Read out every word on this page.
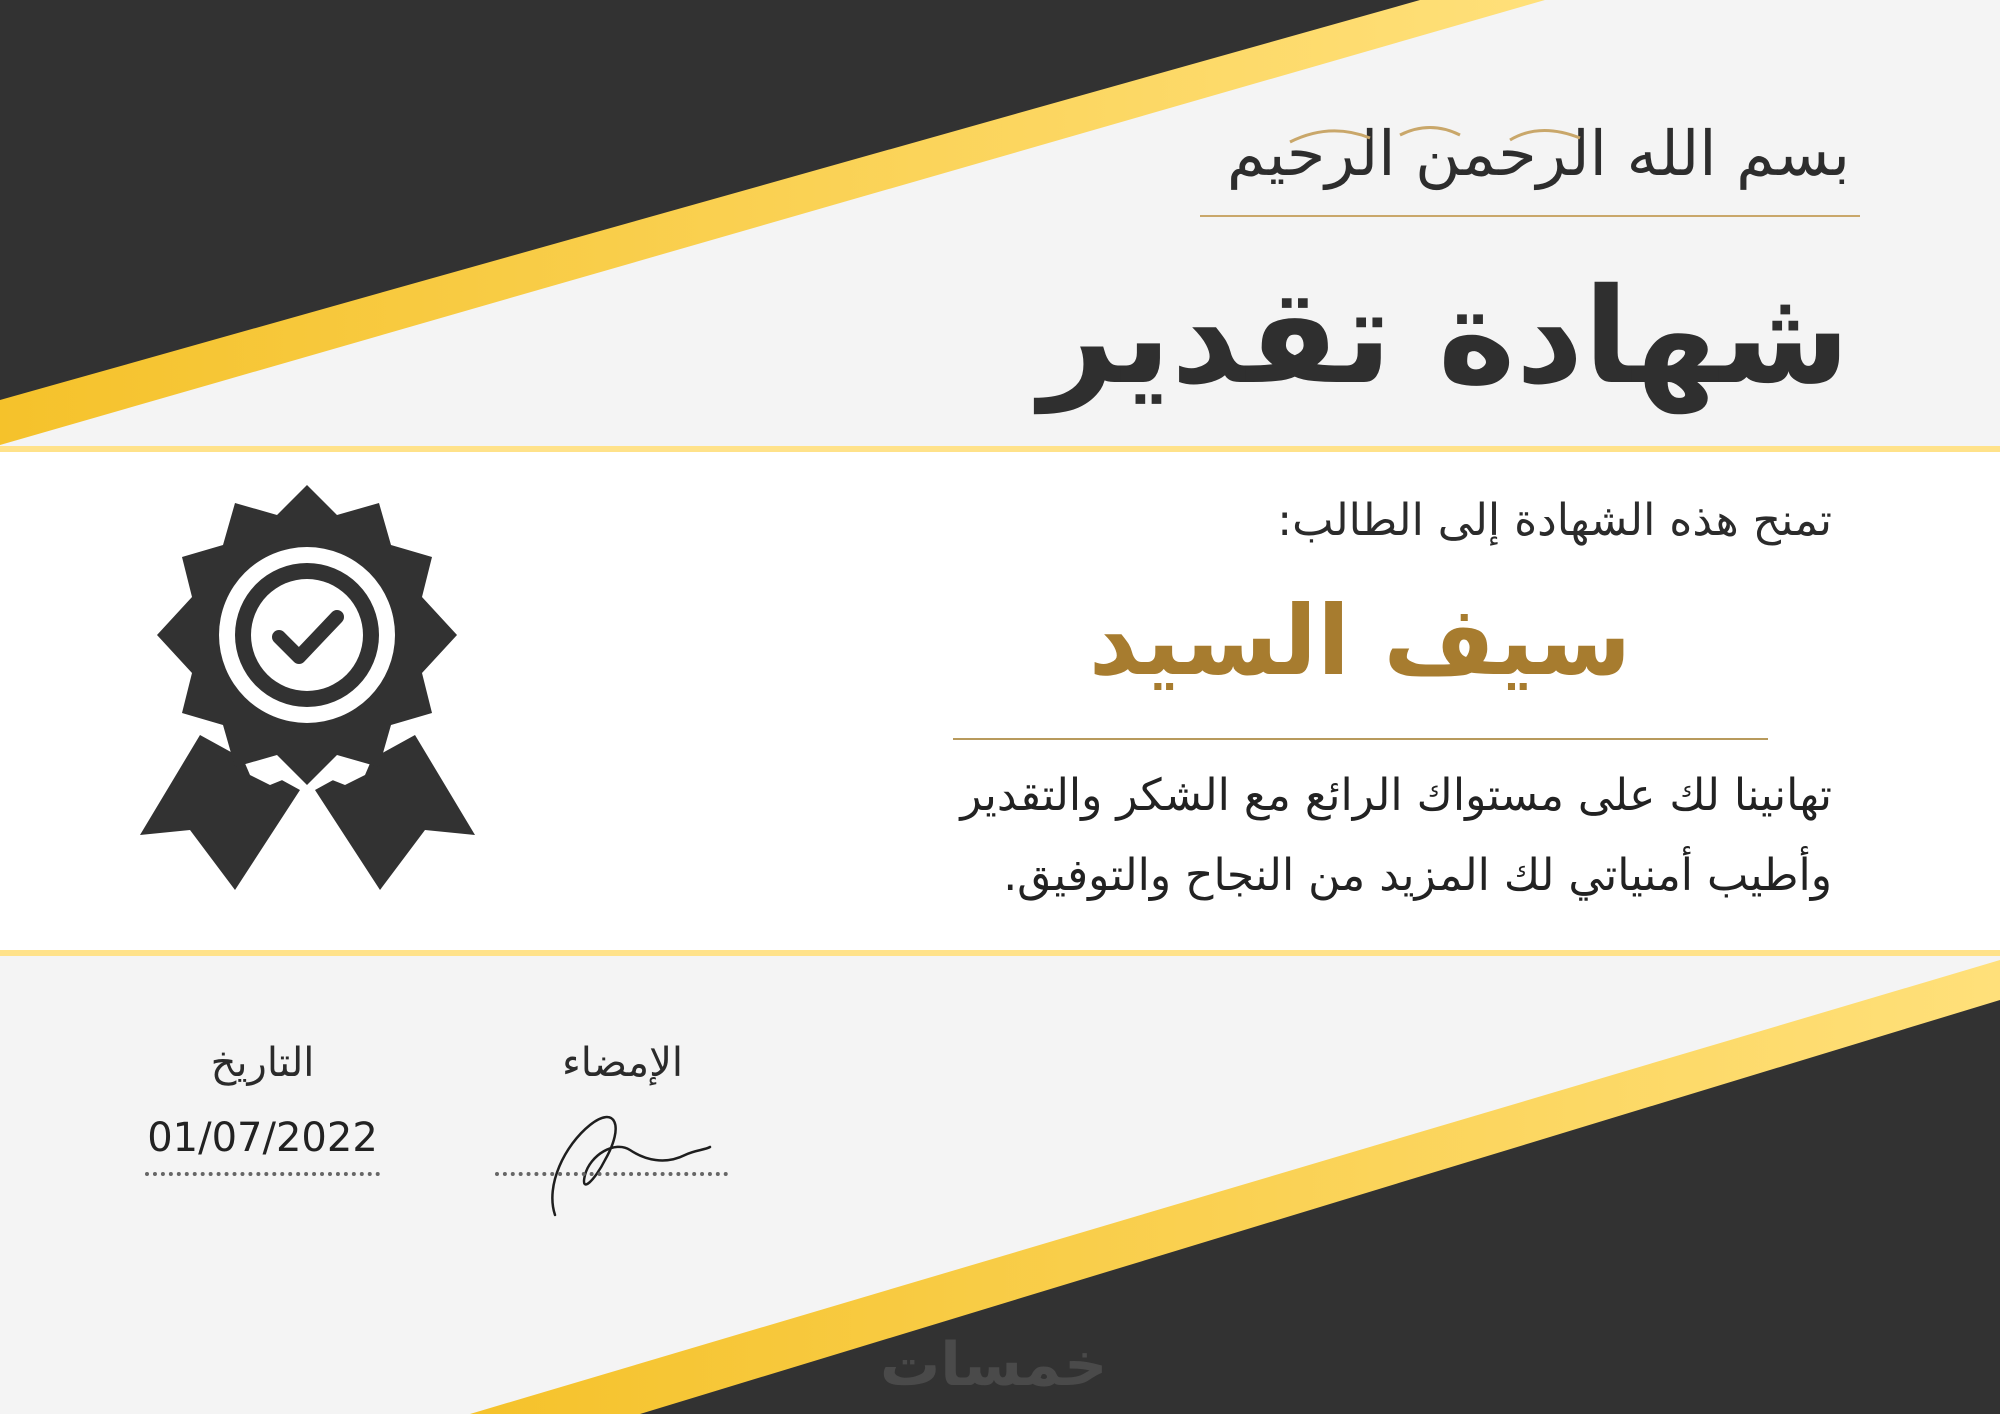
بسم الله الرحمن الرحيم
شهادة تقدير
تمنح هذه الشهادة إلى الطالب:
سيف السيد
تهانينا لك على مستواك الرائع مع الشكر والتقدير
وأطيب أمنياتي لك المزيد من النجاح والتوفيق.
الإمضاء
التاريخ
01/07/2022
خمسات
